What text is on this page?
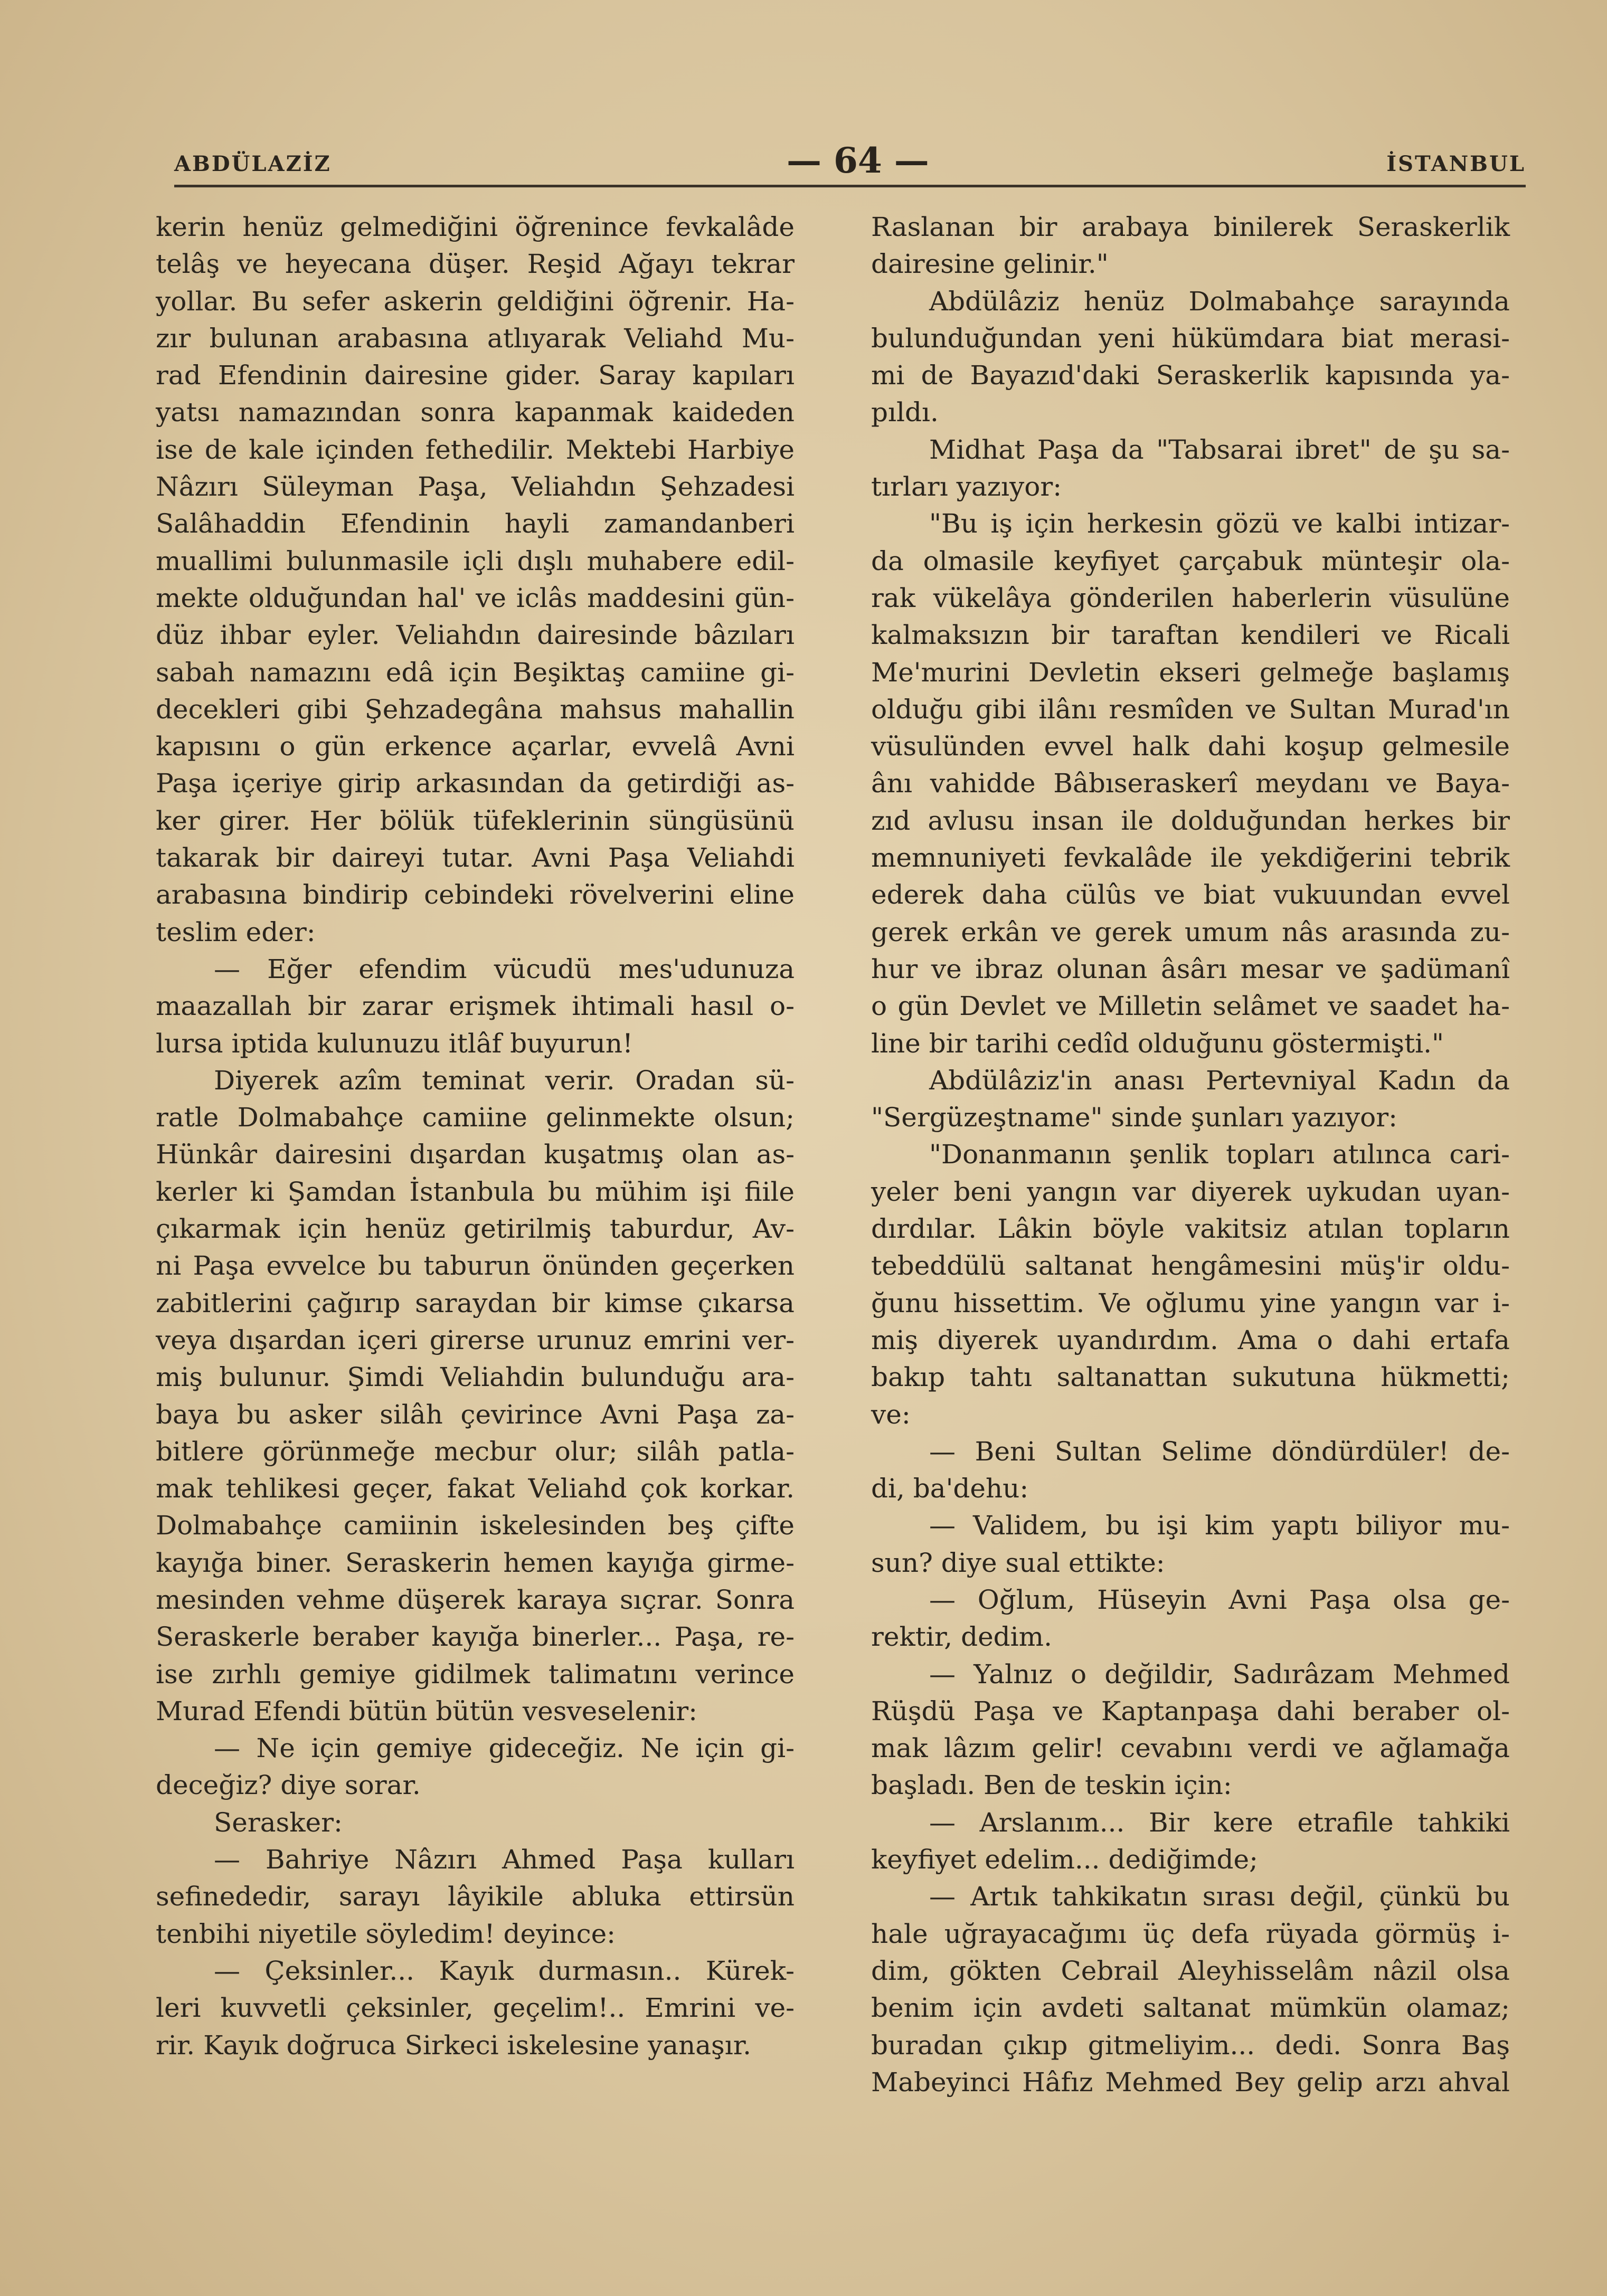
ABDÜLAZİZ	— 64 —	İSTANBUL

kerin henüz gelmediğini öğrenince fevkalâde

telâş ve heyecana düşer. Reşid Ağayı tekrar

yollar. Bu sefer askerin geldiğini öğrenir. Ha-

zır bulunan arabasına atlıyarak Veliahd Mu-

rad Efendinin dairesine gider. Saray kapıları

yatsı namazından sonra kapanmak kaideden

ise de kale içinden fethedilir. Mektebi Harbiye

Nâzırı Süleyman Paşa, Veliahdın Şehzadesi

Salâhaddin Efendinin hayli zamandanberi

muallimi bulunmasile içli dışlı muhabere edil-

mekte olduğundan hal' ve iclâs maddesini gün-

düz ihbar eyler. Veliahdın dairesinde bâzıları

sabah namazını edâ için Beşiktaş camiine gi-

decekleri gibi Şehzadegâna mahsus mahallin

kapısını o gün erkence açarlar, evvelâ Avni

Paşa içeriye girip arkasından da getirdiği as-

ker girer. Her bölük tüfeklerinin süngüsünü

takarak bir daireyi tutar. Avni Paşa Veliahdi

arabasına bindirip cebindeki rövelverini eline

teslim eder:

— Eğer efendim vücudü mes'udunuza

maazallah bir zarar erişmek ihtimali hasıl o-

lursa iptida kulunuzu itlâf buyurun!

Diyerek azîm teminat verir. Oradan sü-

ratle Dolmabahçe camiine gelinmekte olsun;

Hünkâr dairesini dışardan kuşatmış olan as-

kerler ki Şamdan İstanbula bu mühim işi fiile

çıkarmak için henüz getirilmiş taburdur, Av-

ni Paşa evvelce bu taburun önünden geçerken

zabitlerini çağırıp saraydan bir kimse çıkarsa

veya dışardan içeri girerse urunuz emrini ver-

miş bulunur. Şimdi Veliahdin bulunduğu ara-

baya bu asker silâh çevirince Avni Paşa za-

bitlere görünmeğe mecbur olur; silâh patla-

mak tehlikesi geçer, fakat Veliahd çok korkar.

Dolmabahçe camiinin iskelesinden beş çifte

kayığa biner. Seraskerin hemen kayığa girme-

mesinden vehme düşerek karaya sıçrar. Sonra

Seraskerle beraber kayığa binerler... Paşa, re-

ise zırhlı gemiye gidilmek talimatını verince

Murad Efendi bütün bütün vesveselenir:

— Ne için gemiye gideceğiz. Ne için gi-

deceğiz? diye sorar.

Serasker:

— Bahriye Nâzırı Ahmed Paşa kulları

sefinededir, sarayı lâyikile abluka ettirsün

tenbihi niyetile söyledim! deyince:

— Çeksinler... Kayık durmasın.. Kürek-

leri kuvvetli çeksinler, geçelim!.. Emrini ve-

rir. Kayık doğruca Sirkeci iskelesine yanaşır.

Raslanan bir arabaya binilerek Seraskerlik

dairesine gelinir."

Abdülâziz henüz Dolmabahçe sarayında

bulunduğundan yeni hükümdara biat merasi-

mi de Bayazıd'daki Seraskerlik kapısında ya-

pıldı.

Midhat Paşa da "Tabsarai ibret" de şu sa-

tırları yazıyor:

"Bu iş için herkesin gözü ve kalbi intizar-

da olmasile keyfiyet çarçabuk münteşir ola-

rak vükelâya gönderilen haberlerin vüsulüne

kalmaksızın bir taraftan kendileri ve Ricali

Me'murini Devletin ekseri gelmeğe başlamış

olduğu gibi ilânı resmîden ve Sultan Murad'ın

vüsulünden evvel halk dahi koşup gelmesile

ânı vahidde Bâbıseraskerî meydanı ve Baya-

zıd avlusu insan ile dolduğundan herkes bir

memnuniyeti fevkalâde ile yekdiğerini tebrik

ederek daha cülûs ve biat vukuundan evvel

gerek erkân ve gerek umum nâs arasında zu-

hur ve ibraz olunan âsârı mesar ve şadümanî

o gün Devlet ve Milletin selâmet ve saadet ha-

line bir tarihi cedîd olduğunu göstermişti."

Abdülâziz'in anası Pertevniyal Kadın da

"Sergüzeştname" sinde şunları yazıyor:

"Donanmanın şenlik topları atılınca cari-

yeler beni yangın var diyerek uykudan uyan-

dırdılar. Lâkin böyle vakitsiz atılan topların

tebeddülü saltanat hengâmesini müş'ir oldu-

ğunu hissettim. Ve oğlumu yine yangın var i-

miş diyerek uyandırdım. Ama o dahi ertafa

bakıp tahtı saltanattan sukutuna hükmetti;

ve:

— Beni Sultan Selime döndürdüler! de-

di, ba'dehu:

— Validem, bu işi kim yaptı biliyor mu-

sun? diye sual ettikte:

— Oğlum, Hüseyin Avni Paşa olsa ge-

rektir, dedim.

— Yalnız o değildir, Sadırâzam Mehmed

Rüşdü Paşa ve Kaptanpaşa dahi beraber ol-

mak lâzım gelir! cevabını verdi ve ağlamağa

başladı. Ben de teskin için:

— Arslanım... Bir kere etrafile tahkiki

keyfiyet edelim... dediğimde;

— Artık tahkikatın sırası değil, çünkü bu

hale uğrayacağımı üç defa rüyada görmüş i-

dim, gökten Cebrail Aleyhisselâm nâzil olsa

benim için avdeti saltanat mümkün olamaz;

buradan çıkıp gitmeliyim... dedi. Sonra Baş

Mabeyinci Hâfız Mehmed Bey gelip arzı ahval
